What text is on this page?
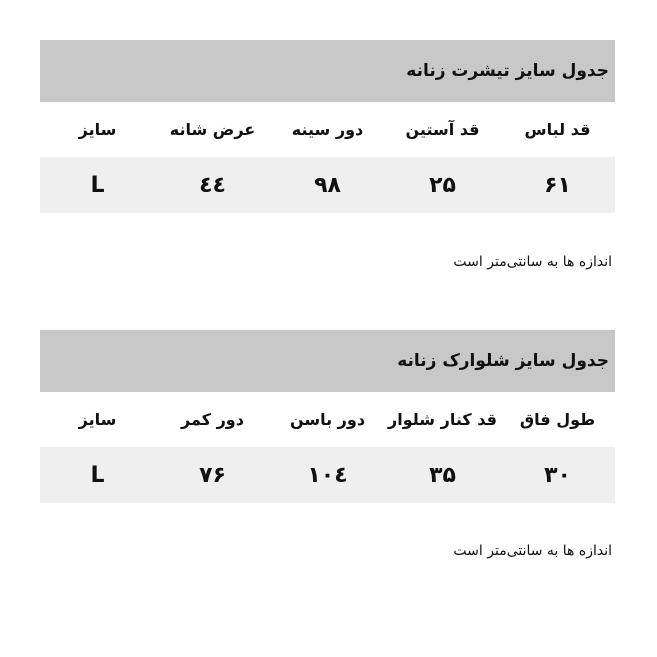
جدول سایز تیشرت زنانه
قد لباس
قد آستین
دور سینه
عرض شانه
سایز
۶۱
۲۵
۹۸
٤٤
L
اندازه ها به سانتی‌متر است
جدول سایز شلوارک زنانه
طول فاق
قد کنار شلوار
دور باسن
دور کمر
سایز
۳۰
۳۵
۱۰٤
۷۶
L
اندازه ها به سانتی‌متر است
